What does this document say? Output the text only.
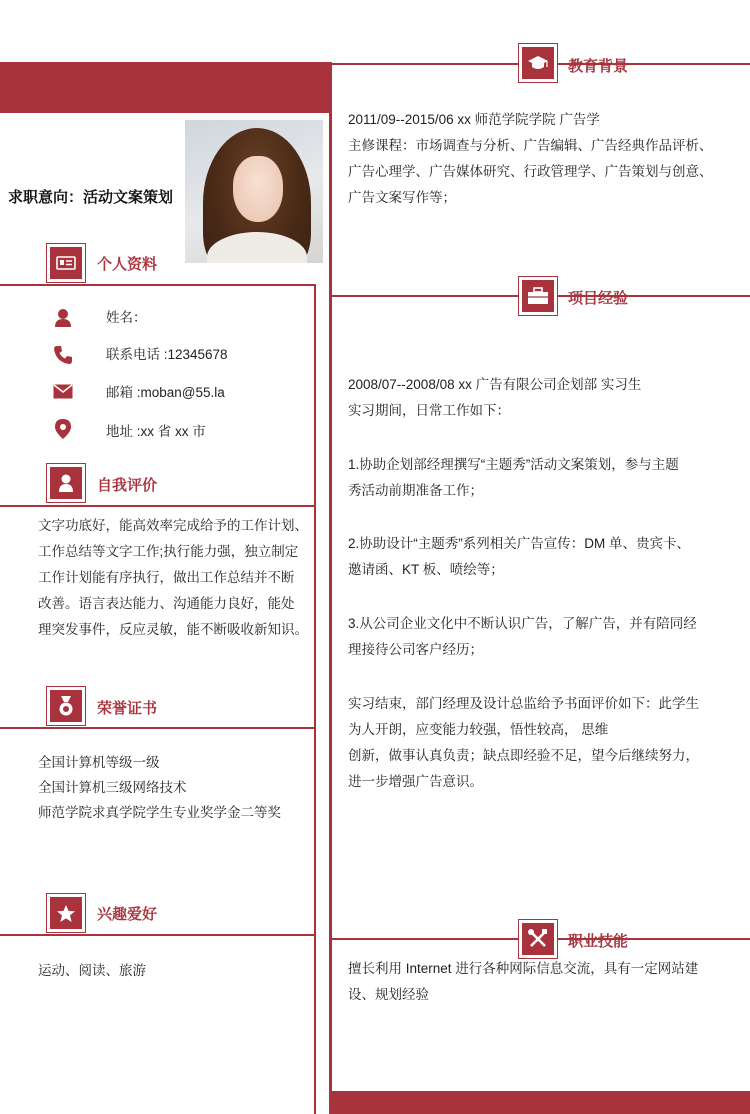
求职意向：活动文案策划
个人资料
姓名：
联系电话 :12345678
邮箱 :moban@55.la
地址 :xx 省 xx 市
自我评价
文字功底好，能高效率完成给予的工作计划、
工作总结等文字工作;执行能力强，独立制定
工作计划能有序执行，做出工作总结并不断
改善。语言表达能力、沟通能力良好，能处
理突发事件，反应灵敏，能不断吸收新知识。
荣誉证书
全国计算机等级一级
全国计算机三级网络技术
师范学院求真学院学生专业奖学金二等奖
兴趣爱好
运动、阅读、旅游
教育背景
2011/09--2015/06 xx 师范学院学院 广告学
主修课程：市场调查与分析、广告编辑、广告经典作品评析、
广告心理学、广告媒体研究、行政管理学、广告策划与创意、
广告文案写作等；
项目经验
2008/07--2008/08 xx 广告有限公司企划部 实习生
实习期间，日常工作如下：
1.协助企划部经理撰写“主题秀”活动文案策划，参与主题
秀活动前期准备工作；
2.协助设计“主题秀”系列相关广告宣传：DM 单、贵宾卡、
邀请函、KT 板、喷绘等；
3.从公司企业文化中不断认识广告，了解广告，并有陪同经
理接待公司客户经历；
实习结束，部门经理及设计总监给予书面评价如下：此学生
为人开朗，应变能力较强，悟性较高， 思维
创新，做事认真负责；缺点即经验不足，望今后继续努力，
进一步增强广告意识。
职业技能
擅长利用 Internet 进行各种网际信息交流，具有一定网站建
设、规划经验
